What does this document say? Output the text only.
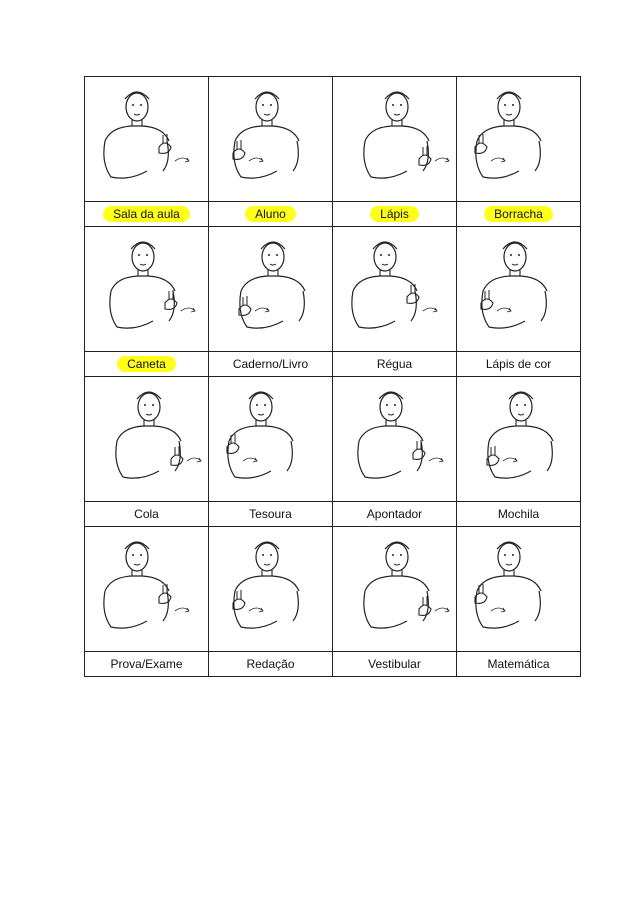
Sala da aula	Aluno	Lápis	Borracha

Caneta	Caderno/Livro	Régua	Lápis de cor

Cola	Tesoura	Apontador	Mochila

Prova/Exame	Redação	Vestibular	Matemática
